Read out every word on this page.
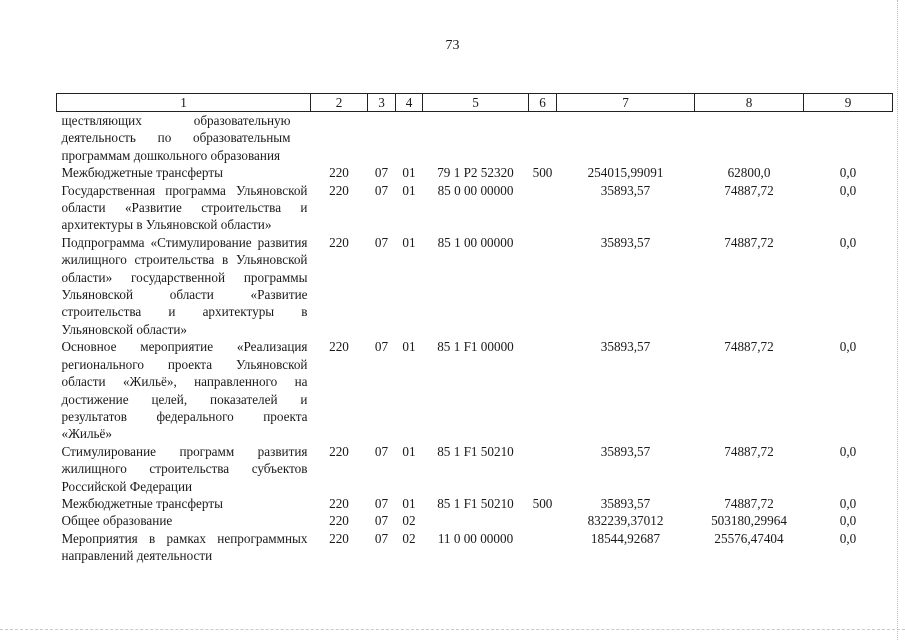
73
1	2	3	4	5	6	7	8	9
ществляющих образовательную деятельность по образовательным программам дошкольного образования								
Межбюджетные трансферты	220	07	01	79 1 P2 52320	500	254015,99091	62800,0	0,0
Государственная программа Ульяновской области «Развитие строительства и архитектуры в Ульяновской области»	220	07	01	85 0 00 00000		35893,57	74887,72	0,0
Подпрограмма «Стимулирование развития жилищного строительства в Ульяновской области» государственной программы Ульяновской области «Развитие строительства и архитектуры в Ульяновской области»	220	07	01	85 1 00 00000		35893,57	74887,72	0,0
Основное мероприятие «Реализация регионального проекта Ульяновской области «Жильё», направленного на достижение целей, показателей и результатов федерального проекта «Жильё»	220	07	01	85 1 F1 00000		35893,57	74887,72	0,0
Стимулирование программ развития жилищного строительства субъектов Российской Федерации	220	07	01	85 1 F1 50210		35893,57	74887,72	0,0
Межбюджетные трансферты	220	07	01	85 1 F1 50210	500	35893,57	74887,72	0,0
Общее образование	220	07	02			832239,37012	503180,29964	0,0
Мероприятия в рамках непрограммных направлений деятельности	220	07	02	11 0 00 00000		18544,92687	25576,47404	0,0
